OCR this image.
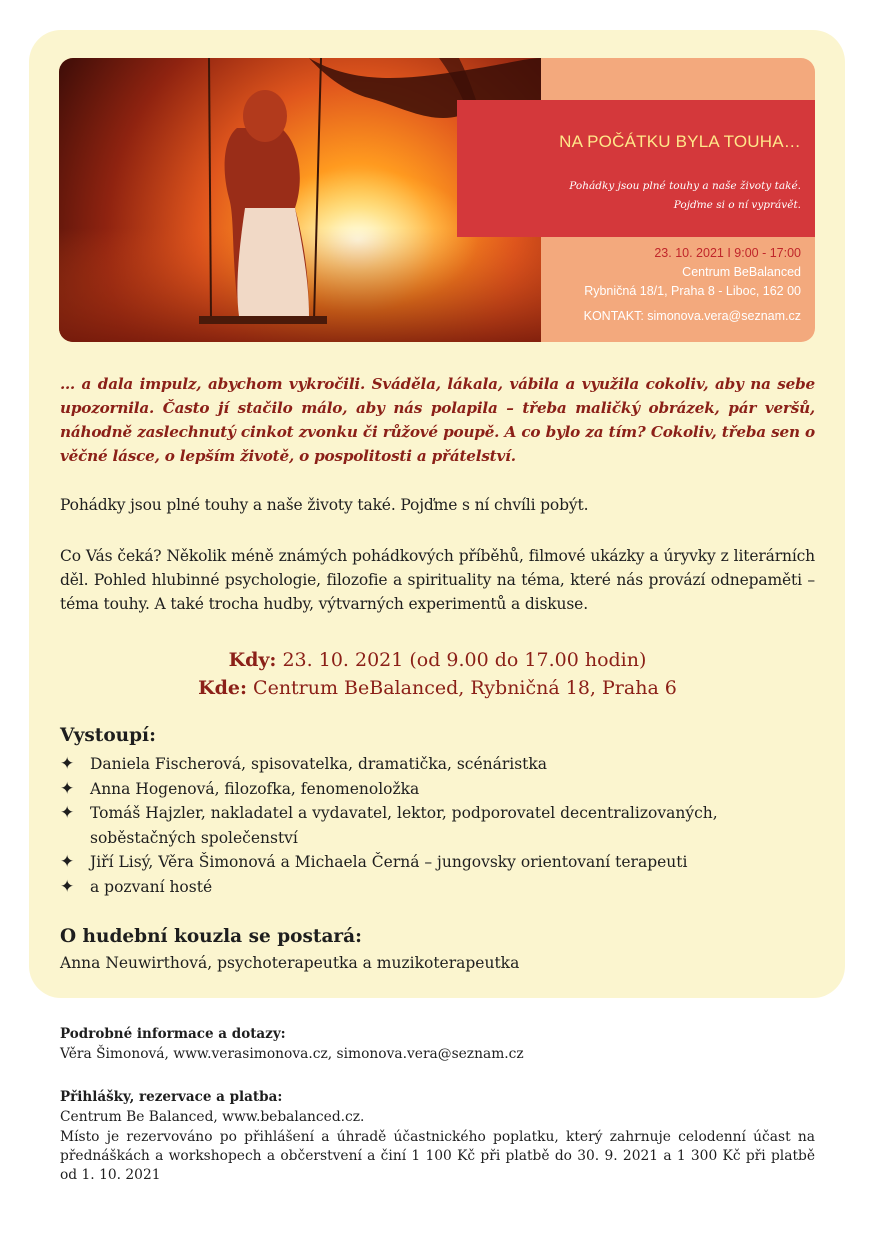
NA POČÁTKU BYLA TOUHA…
Pohádky jsou plné touhy a naše životy také.
Pojďme si o ní vyprávět.
23. 10. 2021 I 9:00 - 17:00
Centrum BeBalanced
Rybničná 18/1, Praha 8 - Liboc, 162 00
KONTAKT: simonova.vera@seznam.cz

… a dala impulz, abychom vykročili. Sváděla, lákala, vábila a využila cokoliv, aby na sebe upozornila. Často jí stačilo málo, aby nás polapila – třeba maličký obrázek, pár veršů, náhodně zaslechnutý cinkot zvonku či růžové poupě. A co bylo za tím? Cokoliv, třeba sen o věčné lásce, o lepším životě, o pospolitosti a přátelství.

Pohádky jsou plné touhy a naše životy také. Pojďme s ní chvíli pobýt.

Co Vás čeká? Několik méně známých pohádkových příběhů, filmové ukázky a úryvky z literárních děl. Pohled hlubinné psychologie, filozofie a spirituality na téma, které nás provází odnepaměti – téma touhy. A také trocha hudby, výtvarných experimentů a diskuse.

Kdy: 23. 10. 2021 (od 9.00 do 17.00 hodin)
Kde: Centrum BeBalanced, Rybničná 18, Praha 6
Vystoupí:
✦ Daniela Fischerová, spisovatelka, dramatička, scénáristka
✦ Anna Hogenová, filozofka, fenomenoložka
✦ Tomáš Hajzler, nakladatel a vydavatel, lektor, podporovatel decentralizovaných, soběstačných společenství
✦ Jiří Lisý, Věra Šimonová a Michaela Černá – jungovsky orientovaní terapeuti
✦ a pozvaní hosté
O hudební kouzla se postará:
Anna Neuwirthová, psychoterapeutka a muzikoterapeutka
Podrobné informace a dotazy:

Věra Šimonová, www.verasimonova.cz, simonova.vera@seznam.cz

Přihlášky, rezervace a platba:

Centrum Be Balanced, www.bebalanced.cz.

Místo je rezervováno po přihlášení a úhradě účastnického poplatku, který zahrnuje celodenní účast na přednáškách a workshopech a občerstvení a činí 1 100 Kč při platbě do 30. 9. 2021 a 1 300 Kč při platbě od 1. 10. 2021
